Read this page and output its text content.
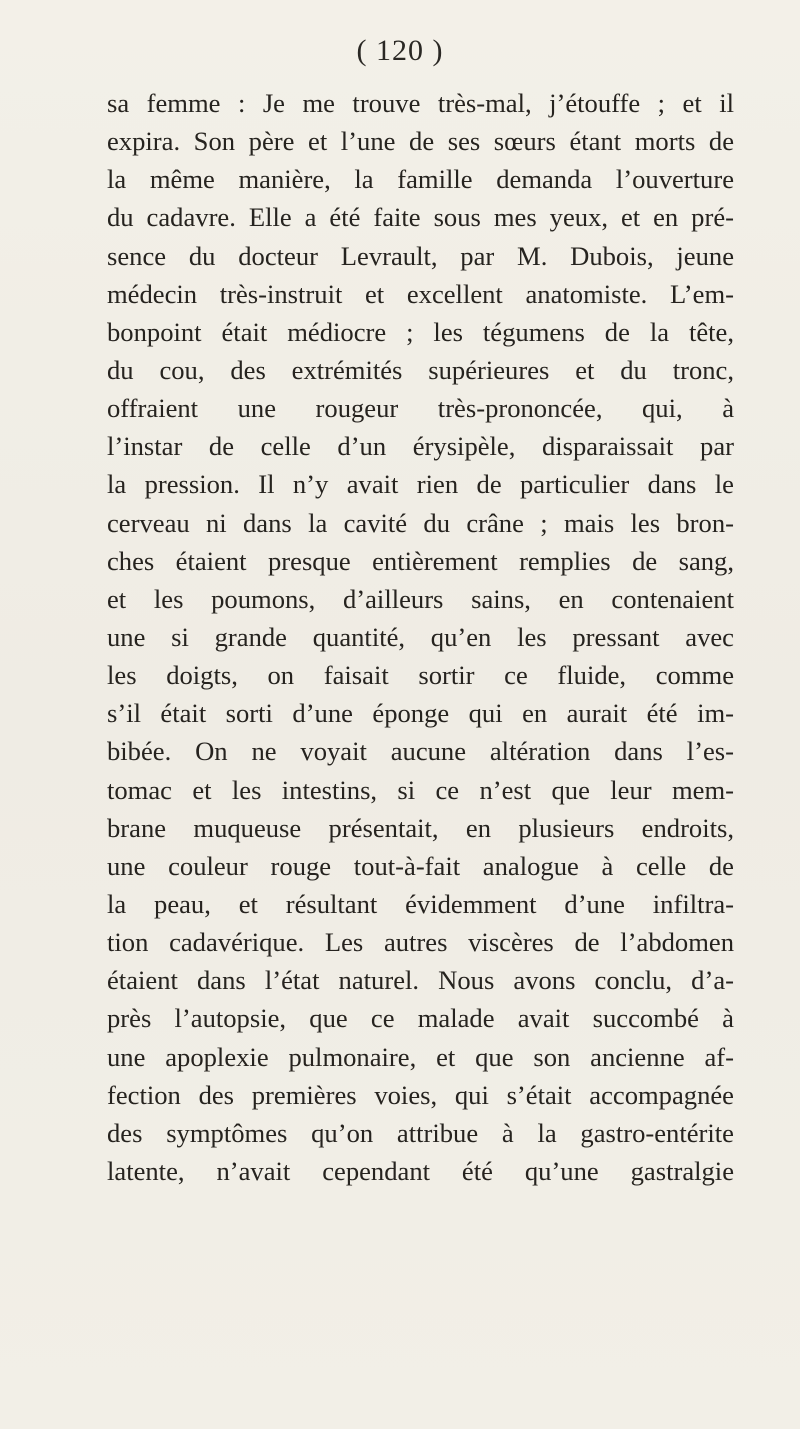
( 120 )
sa femme : Je me trouve très-mal, j’étouffe ; et il
expira. Son père et l’une de ses sœurs étant morts de
la même manière, la famille demanda l’ouverture
du cadavre. Elle a été faite sous mes yeux, et en pré-
sence du docteur Levrault, par M. Dubois, jeune
médecin très-instruit et excellent anatomiste. L’em-
bonpoint était médiocre ; les tégumens de la tête,
du cou, des extrémités supérieures et du tronc,
offraient une rougeur très-prononcée, qui, à
l’instar de celle d’un érysipèle, disparaissait par
la pression. Il n’y avait rien de particulier dans le
cerveau ni dans la cavité du crâne ; mais les bron-
ches étaient presque entièrement remplies de sang,
et les poumons, d’ailleurs sains, en contenaient
une si grande quantité, qu’en les pressant avec
les doigts, on faisait sortir ce fluide, comme
s’il était sorti d’une éponge qui en aurait été im-
bibée. On ne voyait aucune altération dans l’es-
tomac et les intestins, si ce n’est que leur mem-
brane muqueuse présentait, en plusieurs endroits,
une couleur rouge tout-à-fait analogue à celle de
la peau, et résultant évidemment d’une infiltra-
tion cadavérique. Les autres viscères de l’abdomen
étaient dans l’état naturel. Nous avons conclu, d’a-
près l’autopsie, que ce malade avait succombé à
une apoplexie pulmonaire, et que son ancienne af-
fection des premières voies, qui s’était accompagnée
des symptômes qu’on attribue à la gastro-entérite
latente, n’avait cependant été qu’une gastralgie
